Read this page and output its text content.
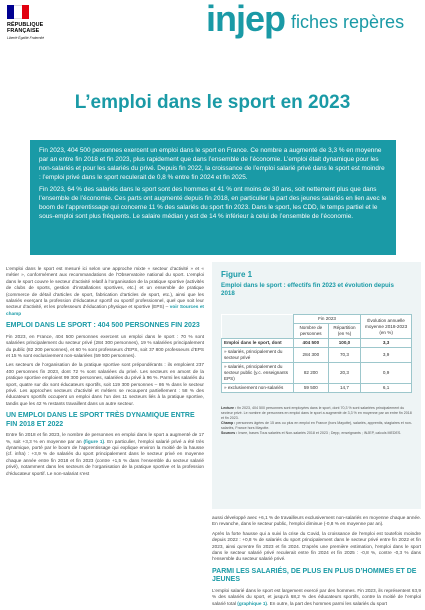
RÉPUBLIQUE
FRANÇAISE
Liberté Égalité Fraternité	injep fiches repères
L’emploi dans le sport en 2023

Fin 2023, 404 500 personnes exercent un emploi dans le sport en France. Ce nombre a augmenté de 3,3 % en moyenne par an entre fin 2018 et fin 2023, plus rapidement que dans l’ensemble de l’économie. L’emploi était dynamique pour les non-salariés et pour les salariés du privé. Depuis fin 2022, la croissance de l’emploi salarié privé dans le sport est moindre : l’emploi privé dans le sport reculerait de 0,8 % entre fin 2024 et fin 2025.

Fin 2023, 64 % des salariés dans le sport sont des hommes et 41 % ont moins de 30 ans, soit nettement plus que dans l’ensemble de l’économie. Ces parts ont augmenté depuis fin 2018, en particulier la part des jeunes salariés en lien avec le boom de l’apprentissage qui concerne 11 % des salariés du sport fin 2023. Dans le sport, les CDD, le temps partiel et le sous-emploi sont plus fréquents. Le salaire médian y est de 14 % inférieur à celui de l’ensemble de l’économie.

L’emploi dans le sport est mesuré ici selon une approche mixte « secteur d’activité » et « métier », conformément aux recommandations de l’Observatoire national du sport. L’emploi dans le sport couvre le secteur d’activité relatif à l’organisation de la pratique sportive (activités de clubs de sports, gestion d’installations sportives, etc.) et un ensemble de pratique (commerce de détail d’articles de sport, fabrication d’articles de sport, etc.), ainsi que les salariés exerçant la profession d’éducateur sportif ou sportif professionnel, quel que soit leur secteur d’activité, et les professeurs d’éducation physique et sportive (EPS) – voir Sources et champ

EMPLOI DANS LE SPORT : 404 500 PERSONNES FIN 2023

Fin 2023, en France, 404 500 personnes exercent un emploi dans le sport : 70 % sont salariées principalement du secteur privé (284 300 personnes), 19 % salariées principalement du public (82 200 personnes), et 60 % sont professeurs d’EPS, soit 37 800 professeurs d’EPS et 15 % sont exclusivement non-salariées (59 500 personnes).

Les secteurs de l’organisation de la pratique sportive sont prépondérants : ils emploient 237 400 personnes fin 2023, dont 72 % sont salariées du privé. Les secteurs en amont de la pratique sportive emploient 99 300 personnes, salariées du privé à 96 %. Parmi les salariés du sport, quatre sur dix sont éducateurs sportifs, soit 119 300 personnes – 86 % dans le secteur privé. Les approches secteurs d’activité et métiers se recoupent partiellement : 58 % des éducateurs sportifs occupent un emploi dans l’un des 11 secteurs liés à la pratique sportive, tandis que les 42 % restants travaillent dans un autre secteur.

UN EMPLOI DANS LE SPORT TRÈS DYNAMIQUE ENTRE FIN 2018 ET 2022

Entre fin 2018 et fin 2023, le nombre de personnes en emploi dans le sport a augmenté de 17 %, soit +3,3 % en moyenne par an (figure 1). En particulier, l’emploi salarié privé a été très dynamique, porté par le boom de l’apprentissage qui explique environ la moitié de la hausse (cf. infra) : +3,9 % de salariés du sport principalement dans le secteur privé en moyenne chaque année entre fin 2018 et fin 2023 (contre +1,5 % dans l’ensemble du secteur salarié privé), notamment dans les secteurs de l’organisation de la pratique sportive et la profession d’éducateur sportif. Le non-salariat s’est

Figure 1
Emploi dans le sport : effectifs fin 2023 et évolution depuis 2018
	Fin 2023		Évolution annuelle moyenne 2018-2023 (en %)
	Nombre de personnes	Répartition (en %)	
Emploi dans le sport, dont	404 500	100,0	3,3
» salariés, principalement du secteur privé	284 300	70,3	3,9
» salariés, principalement du secteur public (y.c. enseignants EPS)	82 200	20,3	0,9
» exclusivement non-salariés	59 500	14,7	6,1
Lecture : fin 2023, 404 500 personnes sont employées dans le sport, dont 70,3 % sont salariées principalement du secteur privé. Le nombre de personnes en emploi dans le sport a augmenté de 3,3 % en moyenne par an entre fin 2018 et fin 2023.
Champ : personnes âgées de 15 ans ou plus en emploi en France (hors Mayotte), salariés, apprentis, stagiaires et non-salariés, France hors Mayotte.
Sources : Insee, bases Tous salariés et Non-salariés 2018 et 2023 ; Depp, enseignants ; INJEP, calculs MEDES.

aussi développé avec +6,1 % de travailleurs exclusivement non-salariés en moyenne chaque année. En revanche, dans le secteur public, l’emploi diminue (-0,8 % en moyenne par an).

Après la forte hausse qui a suivi la crise du Covid, la croissance de l’emploi est toutefois moindre depuis 2022 : +0,8 % de salariés du sport principalement dans le secteur privé entre fin 2022 et fin 2023, ainsi qu’entre fin 2023 et fin 2024. D’après une première estimation, l’emploi dans le sport dans le secteur salarié privé reculerait entre fin 2024 et fin 2025 : -0,8 %, contre -0,3 % dans l’ensemble du secteur salarié privé.

PARMI LES SALARIÉS, DE PLUS EN PLUS D’HOMMES ET DE JEUNES

L’emploi salarié dans le sport est largement exercé par des hommes. Fin 2023, ils représentent 63,9 % des salariés du sport, et jusqu’à 68,2 % des éducateurs sportifs, contre la moitié de l’emploi salarié total (graphique 1). En outre, la part des hommes parmi les salariés du sport
